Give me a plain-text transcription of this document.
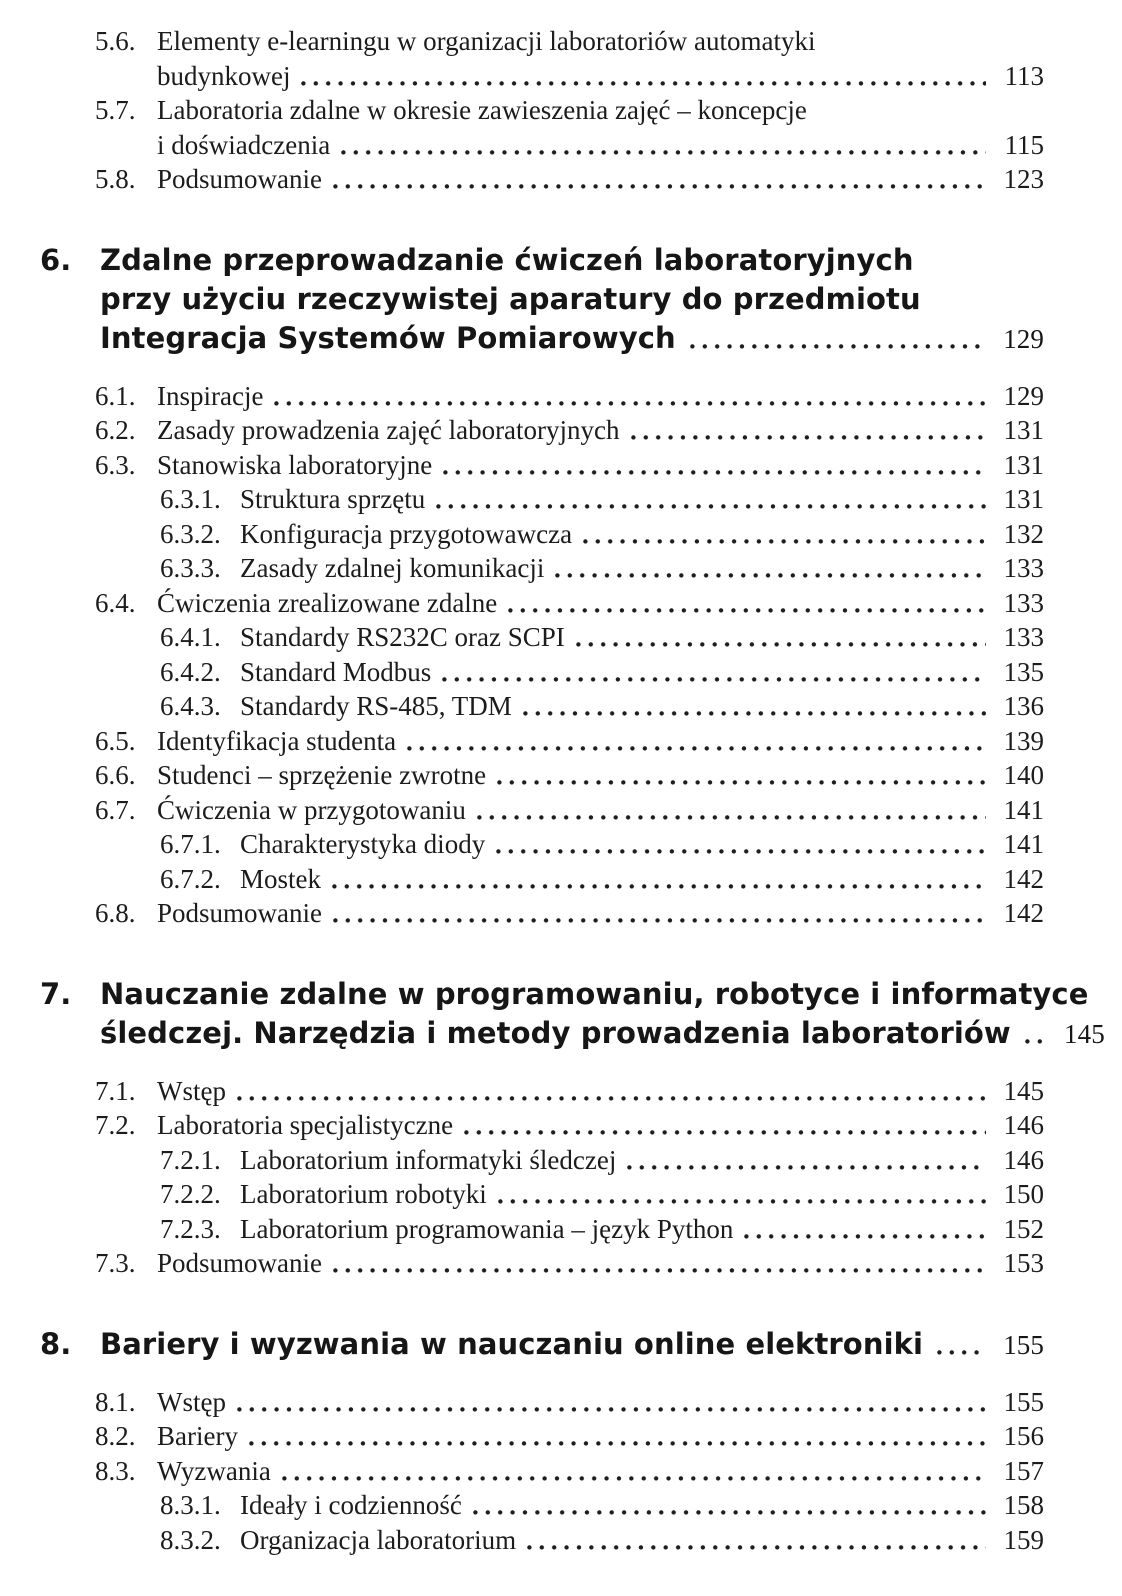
5.6. Elementy e-learningu w organizacji laboratoriów automatyki
budynkowej	113
5.7. Laboratoria zdalne w okresie zawieszenia zajęć – koncepcje
i doświadczenia	115
5.8. Podsumowanie	123
6. Zdalne przeprowadzanie ćwiczeń laboratoryjnych
przy użyciu rzeczywistej aparatury do przedmiotu
Integracja Systemów Pomiarowych	129
6.1. Inspiracje	129
6.2. Zasady prowadzenia zajęć laboratoryjnych	131
6.3. Stanowiska laboratoryjne	131
6.3.1. Struktura sprzętu	131
6.3.2. Konfiguracja przygotowawcza	132
6.3.3. Zasady zdalnej komunikacji	133
6.4. Ćwiczenia zrealizowane zdalne	133
6.4.1. Standardy RS232C oraz SCPI	133
6.4.2. Standard Modbus	135
6.4.3. Standardy RS-485, TDM	136
6.5. Identyfikacja studenta	139
6.6. Studenci – sprzężenie zwrotne	140
6.7. Ćwiczenia w przygotowaniu	141
6.7.1. Charakterystyka diody	141
6.7.2. Mostek	142
6.8. Podsumowanie	142
7. Nauczanie zdalne w programowaniu, robotyce i informatyce
śledczej. Narzędzia i metody prowadzenia laboratoriów	145
7.1. Wstęp	145
7.2. Laboratoria specjalistyczne	146
7.2.1. Laboratorium informatyki śledczej	146
7.2.2. Laboratorium robotyki	150
7.2.3. Laboratorium programowania – język Python	152
7.3. Podsumowanie	153
8. Bariery i wyzwania w nauczaniu online elektroniki	155
8.1. Wstęp	155
8.2. Bariery	156
8.3. Wyzwania	157
8.3.1. Ideały i codzienność	158
8.3.2. Organizacja laboratorium	159
